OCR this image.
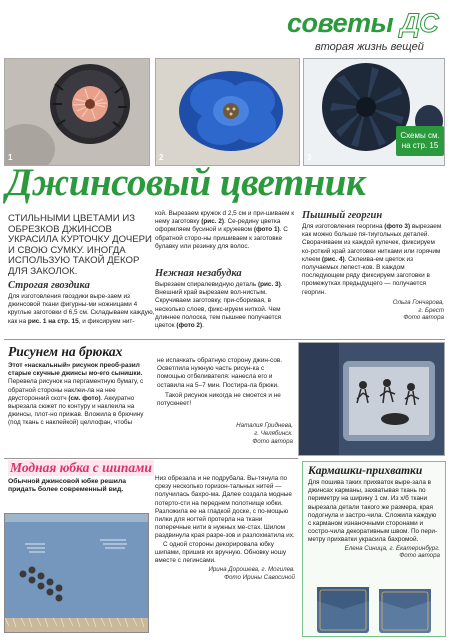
советы ДС
вторая жизнь вещей
1	2	3
Схемы см. на стр. 15
Джинсовый цветник
СТИЛЬНЫМИ ЦВЕТАМИ ИЗ ОБРЕЗКОВ ДЖИНСОВ УКРАСИЛА КУРТОЧКУ ДОЧЕРИ И СВОЮ СУМКУ. ИНОГДА ИСПОЛЬЗУЮ ТАКОЙ ДЕКОР ДЛЯ ЗАКОЛОК.
Строгая гвоздика

Для изготовления гвоздики выре-заем из джинсовой ткани фигурны-ми ножницами 4 круглые заготовки d 6,5 см. Складываем каждую, как на рис. 1 на стр. 15, и фиксируем нит-

кой. Вырезаем кружок d 2,5 см и при-шиваем к нему заготовку (рис. 2). Се-редину цветка оформляем бусиной и кружевом (фото 1). С обратной сторо-ны пришиваем к заготовке булавку или резинку для волос.

Нежная незабудка

Вырезаем спиралевидную деталь (рис. 3). Внешний край вырезаем вол-нистым. Скручиваем заготовку, при-сборивая, в несколько слоев, фикс-ируем ниткой. Чем длиннее полоска, тем пышнее получается цветок (фото 2).

Пышный георгин

Для изготовления георгина (фото 3) вырезаем как можно больше пя-тиугольных деталей. Сворачиваем из каждой кулечек, фиксируем ко-роткий край заготовки нитками или горячим клеем (рис. 4). Склеива-ем цветок из получаемых лепест-ков. В каждом последующем ряду фиксируем заготовки в промежутках предыдущего — получается георгин.

Ольга Гончарова,
г. Брест
Фото автора
Рисунем на брюках

Этот «наскальный» рисунок преоб-разил старые скучные джинсы мо-его сынишки.

Перевела рисунок на пергаментную бумагу, с обратной стороны наклеи-ла на нее двусторонний скотч (см. фото). Аккуратно вырезала сюжет по контуру и наклеила на джинсы, плот-но прижав. Вложила в брючину (под ткань с наклейкой) целлофан, чтобы

не испачкать обратную сторону джин-сов. Осветлила нужную часть рисун-ка с помощью отбеливателя: нанесла его и оставила на 5–7 мин. Постира-ла брюки.

Такой рисунок никогда не смоется и не потускнеет!

Наталия Гриднева,
г. Челябинск.
Фото автора
Модная юбка с шипами

Обычной джинсовой юбке решила придать более современный вид.

Низ обрезала и не подрубала. Вы-тянула по срезу несколько горизон-тальных нитей — получилась бахро-ма. Далее создала модные потерто-сти на переднем полотнище юбки. Разложила ее на гладкой доске, с по-мощью пилки для ногтей протерла на ткани поперечные нити в нужных ме-стах. Шилом раздвинула края разре-зов и разлохматила их.

С одной стороны декорировала юбку шипами, пришив их вручную. Обновку ношу вместе с легинсами.

Ирина Дорошева, г. Могилев.
Фото Ирины Савосиной
Кармашки-прихватки

Для пошива таких прихваток выре-зала в джинсах карманы, захватывая ткань по периметру на ширину 1 см. Из х/б ткани вырезала детали такого же размера, края подогнула и застро-чила. Сложила каждую с карманом изнаночными сторонами и состро-чила декоративным швом. По пери-метру прихватки украсила бахромой.

Елена Синица, г. Екатеринбург.
Фото автора
